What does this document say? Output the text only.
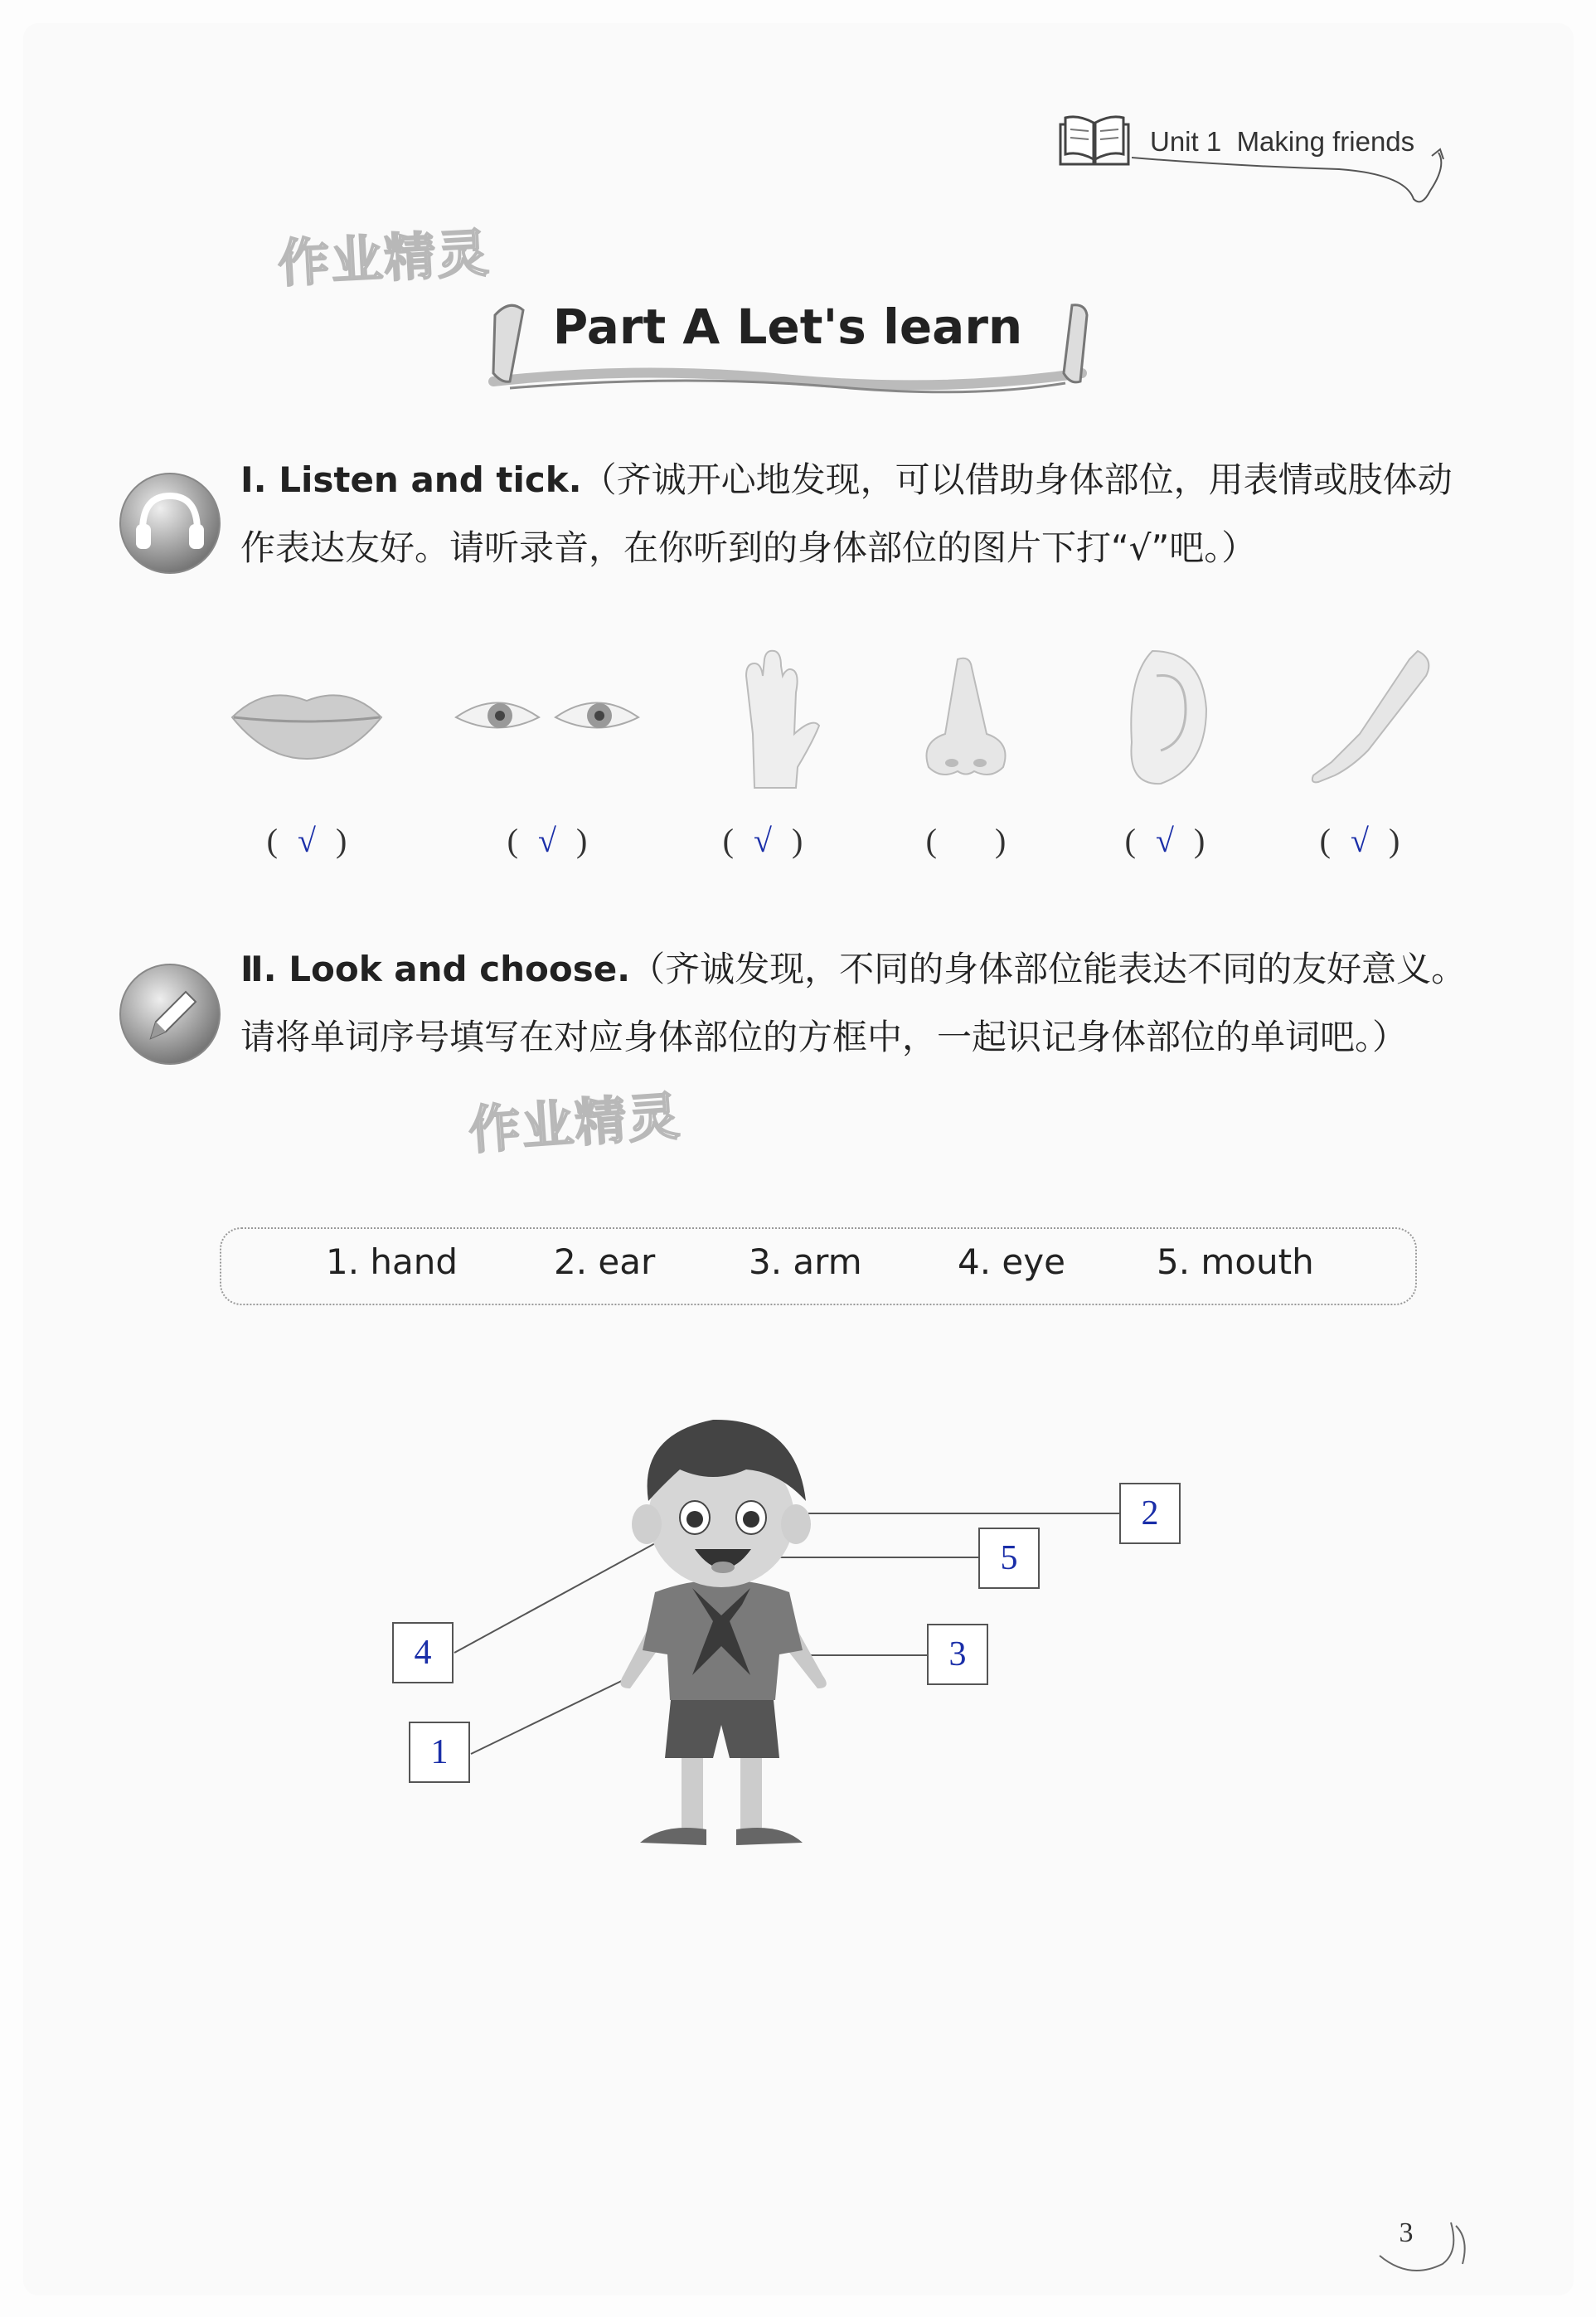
Unit 1 Making friends
作业精灵
Part A Let's learn
Ⅰ. Listen and tick.（齐诚开心地发现，可以借助身体部位，用表情或肢体动作表达友好。请听录音，在你听到的身体部位的图片下打“√”吧。）
( √ )	( √ )	( √ )	( )	( √ )	( √ )
Ⅱ. Look and choose.（齐诚发现，不同的身体部位能表达不同的友好意义。请将单词序号填写在对应身体部位的方框中，一起识记身体部位的单词吧。）
作业精灵
1. hand	2. ear	3. arm	4. eye	5. mouth
2
5
4	3
1
3
